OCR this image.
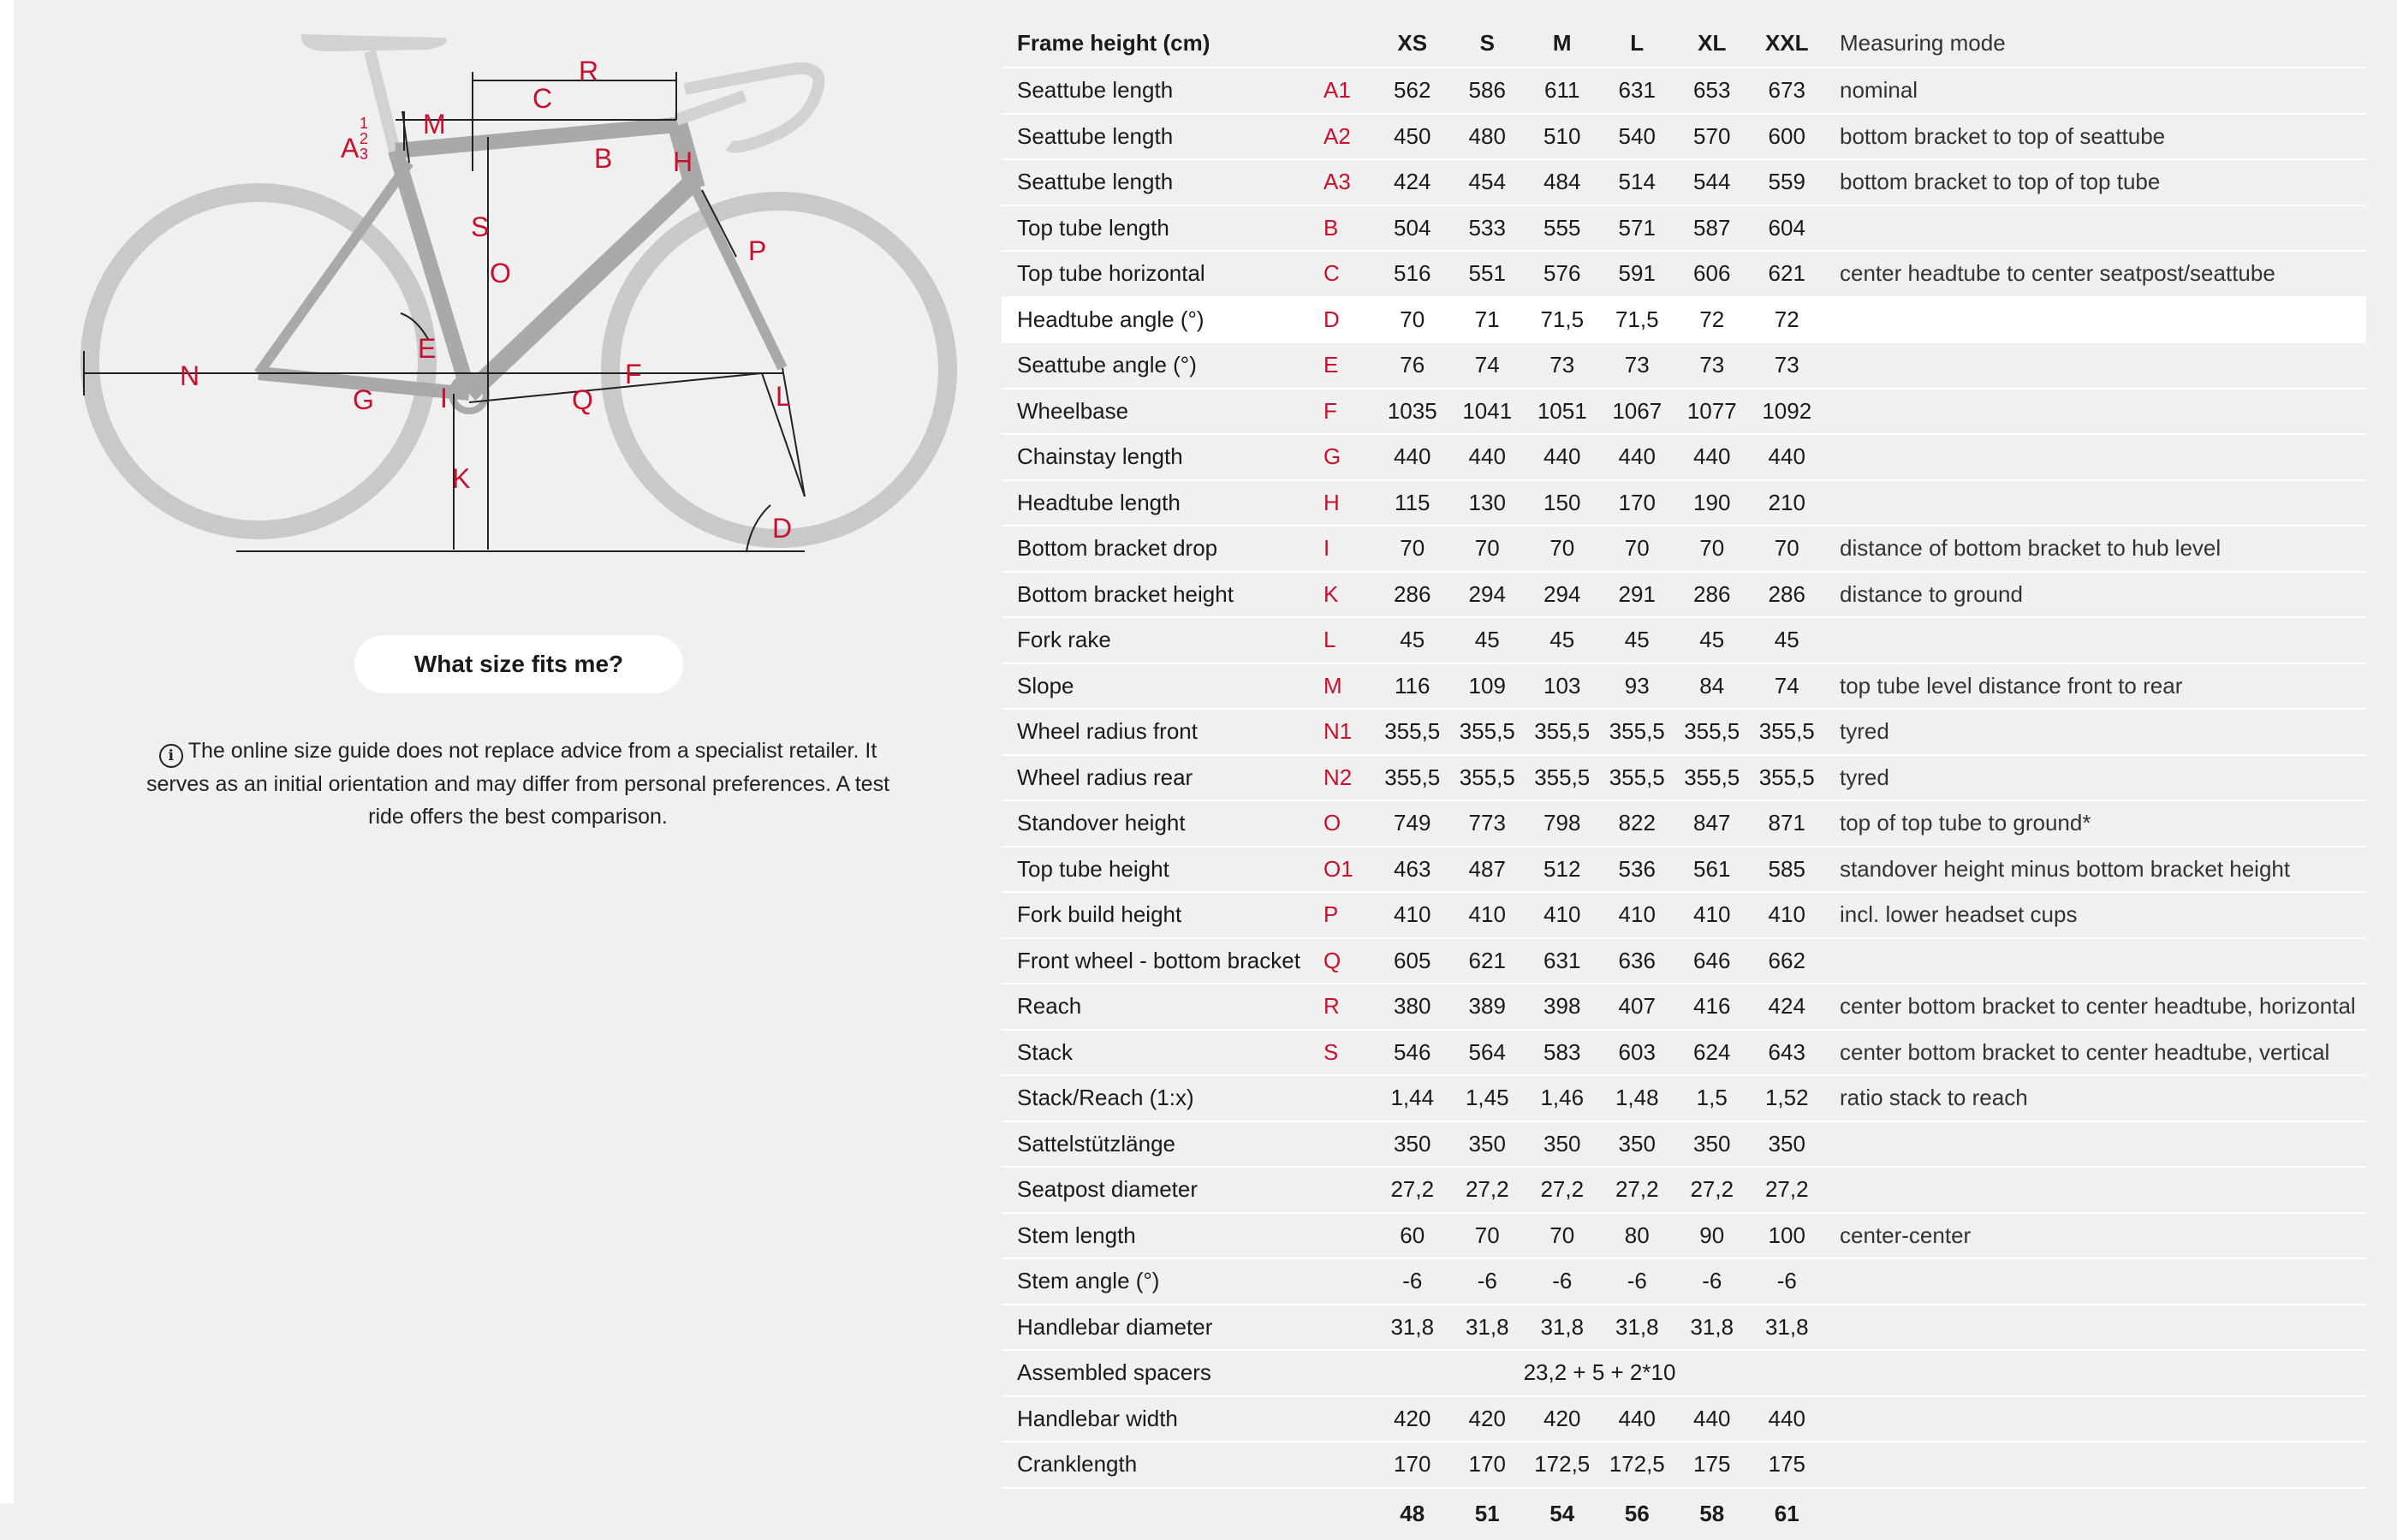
R
C
M
A
1
2
3	B H
S
O
P
E
N	F
G I	Q	L
K
D
What size fits me?
i The online size guide does not replace advice from a specialist retailer. It serves as an initial orientation and may differ from personal preferences. A test ride offers the best comparison.
Frame height (cm)		XS	S	M	L	XL	XXL	Measuring mode
Seattube length	A1	562	586	611	631	653	673	nominal
Seattube length	A2	450	480	510	540	570	600	bottom bracket to top of seattube
Seattube length	A3	424	454	484	514	544	559	bottom bracket to top of top tube
Top tube length	B	504	533	555	571	587	604	
Top tube horizontal	C	516	551	576	591	606	621	center headtube to center seatpost/seattube
Headtube angle (°)	D	70	71	71,5	71,5	72	72	
Seattube angle (°)	E	76	74	73	73	73	73	
Wheelbase	F	1035	1041	1051	1067	1077	1092	
Chainstay length	G	440	440	440	440	440	440	
Headtube length	H	115	130	150	170	190	210	
Bottom bracket drop	I	70	70	70	70	70	70	distance of bottom bracket to hub level
Bottom bracket height	K	286	294	294	291	286	286	distance to ground
Fork rake	L	45	45	45	45	45	45	
Slope	M	116	109	103	93	84	74	top tube level distance front to rear
Wheel radius front	N1	355,5	355,5	355,5	355,5	355,5	355,5	tyred
Wheel radius rear	N2	355,5	355,5	355,5	355,5	355,5	355,5	tyred
Standover height	O	749	773	798	822	847	871	top of top tube to ground*
Top tube height	O1	463	487	512	536	561	585	standover height minus bottom bracket height
Fork build height	P	410	410	410	410	410	410	incl. lower headset cups
Front wheel - bottom bracket	Q	605	621	631	636	646	662	
Reach	R	380	389	398	407	416	424	center bottom bracket to center headtube, horizontal
Stack	S	546	564	583	603	624	643	center bottom bracket to center headtube, vertical
Stack/Reach (1:x)		1,44	1,45	1,46	1,48	1,5	1,52	ratio stack to reach
Sattelstützlänge		350	350	350	350	350	350	
Seatpost diameter		27,2	27,2	27,2	27,2	27,2	27,2	
Stem length		60	70	70	80	90	100	center-center
Stem angle (°)		-6	-6	-6	-6	-6	-6	
Handlebar diameter		31,8	31,8	31,8	31,8	31,8	31,8	
Assembled spacers		23,2 + 5 + 2*10						
Handlebar width		420	420	420	440	440	440	
Cranklength		170	170	172,5	172,5	175	175	
		48	51	54	56	58	61	
